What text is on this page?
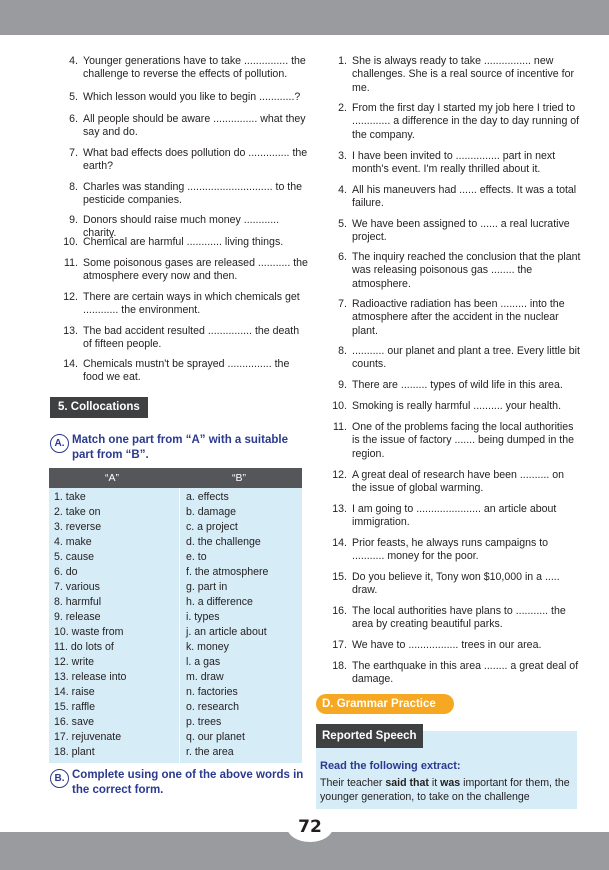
4. Younger generations have to take ............... the challenge to reverse the effects of pollution.
5. Which lesson would you like to begin ............?
6. All people should be aware ............... what they say and do.
7. What bad effects does pollution do .............. the earth?
8. Charles was standing ............................. to the pesticide companies.
9. Donors should raise much money ............ charity.
10. Chemical are harmful ............ living things.
11. Some poisonous gases are released ........... the atmosphere every now and then.
12. There are certain ways in which chemicals get ............ the environment.
13. The bad accident resulted ............... the death of fifteen people.
14. Chemicals mustn't be sprayed ............... the food we eat.
5. Collocations
A. Match one part from “A” with a suitable part from “B”.
“A”	“B”
1. take
2. take on
3. reverse
4. make
5. cause
6. do
7. various
8. harmful
9. release
10. waste from
11. do lots of
12. write
13. release into
14. raise
15. raffle
16. save
17. rejuvenate
18. plant
a. effects
b. damage
c. a project
d. the challenge
e. to
f. the atmosphere
g. part in
h. a difference
i. types
j. an article about
k. money
l. a gas
m. draw
n. factories
o. research
p. trees
q. our planet
r. the area
B. Complete using one of the above words in the correct form.
1. She is always ready to take ................ new challenges. She is a real source of incentive for me.
2. From the first day I started my job here I tried to ............. a difference in the day to day running of the company.
3. I have been invited to ............... part in next month's event. I'm really thrilled about it.
4. All his maneuvers had ...... effects. It was a total failure.
5. We have been assigned to ...... a real lucrative project.
6. The inquiry reached the conclusion that the plant was releasing poisonous gas ........ the atmosphere.
7. Radioactive radiation has been ......... into the atmosphere after the accident in the nuclear plant.
8. ........... our planet and plant a tree. Every little bit counts.
9. There are ......... types of wild life in this area.
10. Smoking is really harmful .......... your health.
11. One of the problems facing the local authorities is the issue of factory ....... being dumped in the region.
12. A great deal of research have been .......... on the issue of global warming.
13. I am going to ...................... an article about immigration.
14. Prior feasts, he always runs campaigns to ........... money for the poor.
15. Do you believe it, Tony won $10,000 in a ..... draw.
16. The local authorities have plans to ........... the area by creating beautiful parks.
17. We have to ................. trees in our area.
18. The earthquake in this area ........ a great deal of damage.
D. Grammar Practice
Reported Speech
Read the following extract:
Their teacher said that it was important for them, the younger generation, to take on the challenge
72
